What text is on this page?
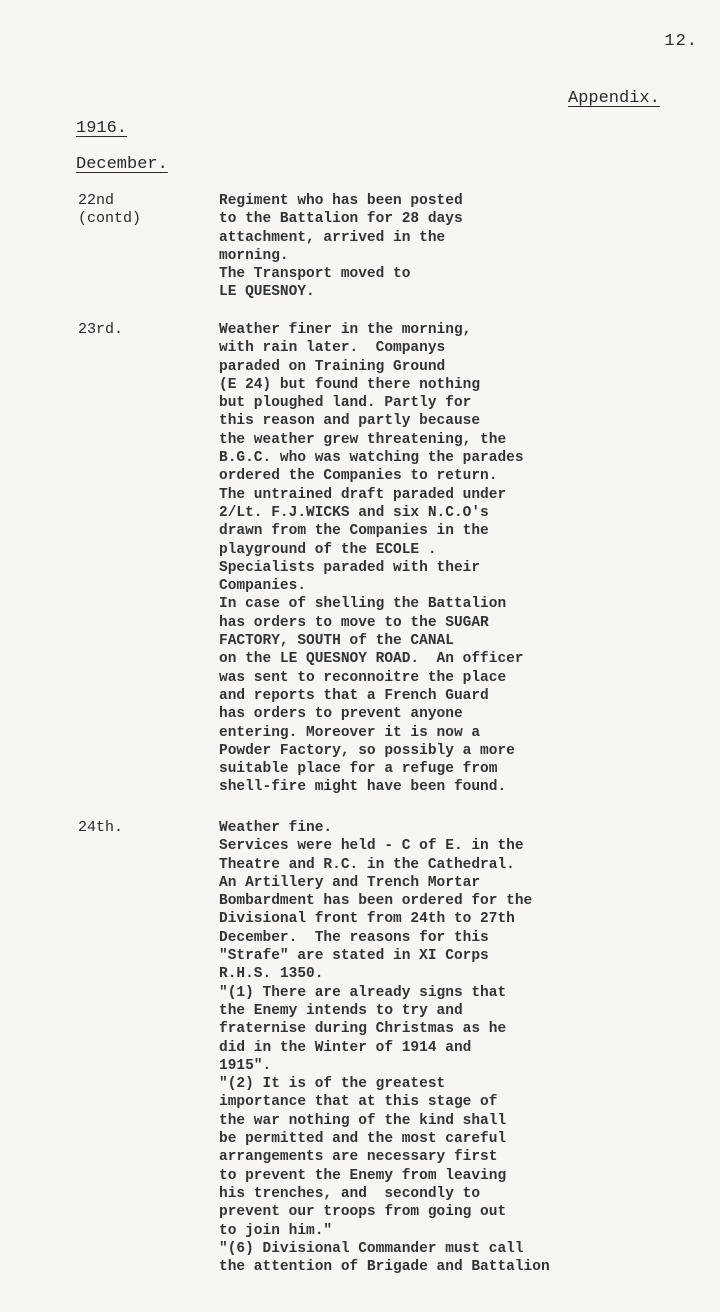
12.
Appendix.
1916.
December.
22nd
(contd)
Regiment who has been posted
to the Battalion for 28 days
attachment, arrived in the
morning.
The Transport moved to
LE QUESNOY.
23rd.	Weather finer in the morning,
with rain later.  Companys
paraded on Training Ground
(E 24) but found there nothing
but ploughed land. Partly for
this reason and partly because
the weather grew threatening, the
B.G.C. who was watching the parades
ordered the Companies to return.
The untrained draft paraded under
2/Lt. F.J.WICKS and six N.C.O's
drawn from the Companies in the
playground of the ECOLE .
Specialists paraded with their
Companies.
In case of shelling the Battalion
has orders to move to the SUGAR
FACTORY, SOUTH of the CANAL
on the LE QUESNOY ROAD.  An officer
was sent to reconnoitre the place
and reports that a French Guard
has orders to prevent anyone
entering. Moreover it is now a
Powder Factory, so possibly a more
suitable place for a refuge from
shell-fire might have been found.
24th.	Weather fine.
Services were held - C of E. in the
Theatre and R.C. in the Cathedral.
An Artillery and Trench Mortar
Bombardment has been ordered for the
Divisional front from 24th to 27th
December.  The reasons for this
"Strafe" are stated in XI Corps
R.H.S. 1350.
"(1) There are already signs that
the Enemy intends to try and
fraternise during Christmas as he
did in the Winter of 1914 and
1915".
"(2) It is of the greatest
importance that at this stage of
the war nothing of the kind shall
be permitted and the most careful
arrangements are necessary first
to prevent the Enemy from leaving
his trenches, and  secondly to
prevent our troops from going out
to join him."
"(6) Divisional Commander must call
the attention of Brigade and Battalion
